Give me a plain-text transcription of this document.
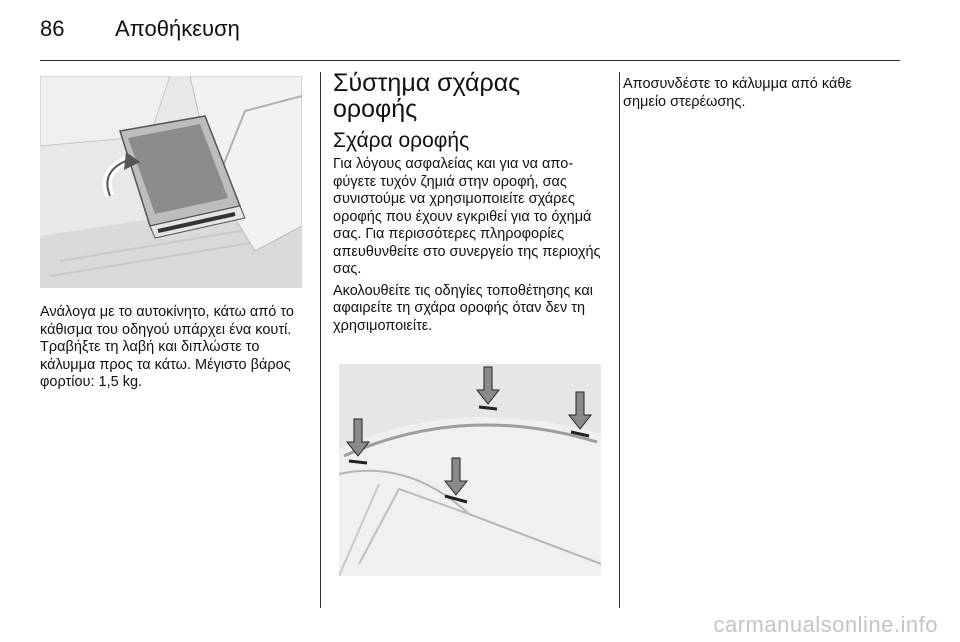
86 Αποθήκευση

Ανάλογα με το αυτοκίνητο, κάτω από το κάθισμα του οδηγού υπάρχει ένα κουτί. Τραβήξτε τη λαβή και διπλώστε το κάλυμμα προς τα κάτω. Μέγιστο βάρος φορτίου: 1,5 kg.

Σύστημα σχάρας οροφής
Σχάρα οροφής

Για λόγους ασφαλείας και για να αποφύγετε τυχόν ζημιά στην οροφή, σας συνιστούμε να χρησιμοποιείτε σχάρες οροφής που έχουν εγκριθεί για το όχημά σας. Για περισσότερες πληροφορίες απευθυνθείτε στο συνεργείο της περιοχής σας.

Ακολουθείτε τις οδηγίες τοποθέτησης και αφαιρείτε τη σχάρα οροφής όταν δεν τη χρησιμοποιείτε.

Αποσυνδέστε το κάλυμμα από κάθε σημείο στερέωσης.

carmanualsonline.info
